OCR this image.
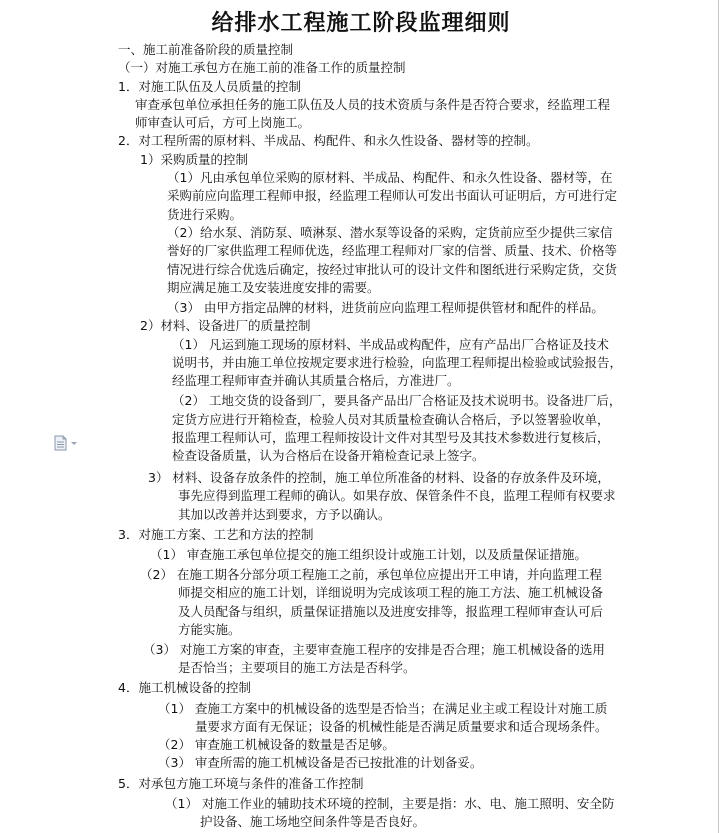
给排水工程施工阶段监理细则
一、施工前准备阶段的质量控制
（一）对施工承包方在施工前的准备工作的质量控制
1．对施工队伍及人员质量的控制
审查承包单位承担任务的施工队伍及人员的技术资质与条件是否符合要求，经监理工程
师审查认可后，方可上岗施工。
2．对工程所需的原材料、半成品、构配件、和永久性设备、器材等的控制。
1）采购质量的控制
（1）凡由承包单位采购的原材料、半成品、构配件、和永久性设备、器材等，在
采购前应向监理工程师申报，经监理工程师认可发出书面认可证明后，方可进行定
货进行采购。
（2）给水泵、消防泵、喷淋泵、潜水泵等设备的采购，定货前应至少提供三家信
誉好的厂家供监理工程师优选，经监理工程师对厂家的信誉、质量、技术、价格等
情况进行综合优选后确定，按经过审批认可的设计文件和图纸进行采购定货，交货
期应满足施工及安装进度安排的需要。
（3） 由甲方指定品牌的材料，进货前应向监理工程师提供管材和配件的样品。
2）材料、设备进厂的质量控制
（1） 凡运到施工现场的原材料、半成品或构配件，应有产品出厂合格证及技术
说明书，并由施工单位按规定要求进行检验，向监理工程师提出检验或试验报告，
经监理工程师审查并确认其质量合格后，方准进厂。
（2） 工地交货的设备到厂，要具备产品出厂合格证及技术说明书。设备进厂后，
定货方应进行开箱检查，检验人员对其质量检查确认合格后，予以签署验收单，
报监理工程师认可，监理工程师按设计文件对其型号及其技术参数进行复核后，
检查设备质量，认为合格后在设备开箱检查记录上签字。
3） 材料、设备存放条件的控制，施工单位所准备的材料、设备的存放条件及环境，
事先应得到监理工程师的确认。如果存放、保管条件不良，监理工程师有权要求
其加以改善并达到要求，方予以确认。
3．对施工方案、工艺和方法的控制
（1） 审查施工承包单位提交的施工组织设计或施工计划，以及质量保证措施。
（2） 在施工期各分部分项工程施工之前，承包单位应提出开工申请，并向监理工程
师提交相应的施工计划，详细说明为完成该项工程的施工方法、施工机械设备
及人员配备与组织，质量保证措施以及进度安排等，报监理工程师审查认可后
方能实施。
（3） 对施工方案的审查，主要审查施工程序的安排是否合理；施工机械设备的选用
是否恰当；主要项目的施工方法是否科学。
4．施工机械设备的控制
（1） 查施工方案中的机械设备的选型是否恰当；在满足业主或工程设计对施工质
量要求方面有无保证；设备的机械性能是否满足质量要求和适合现场条件。
（2） 审查施工机械设备的数量是否足够。
（3） 审查所需的施工机械设备是否已按批准的计划备妥。
5．对承包方施工环境与条件的准备工作控制
（1） 对施工作业的辅助技术环境的控制，主要是指：水、电、施工照明、安全防
护设备、施工场地空间条件等是否良好。
